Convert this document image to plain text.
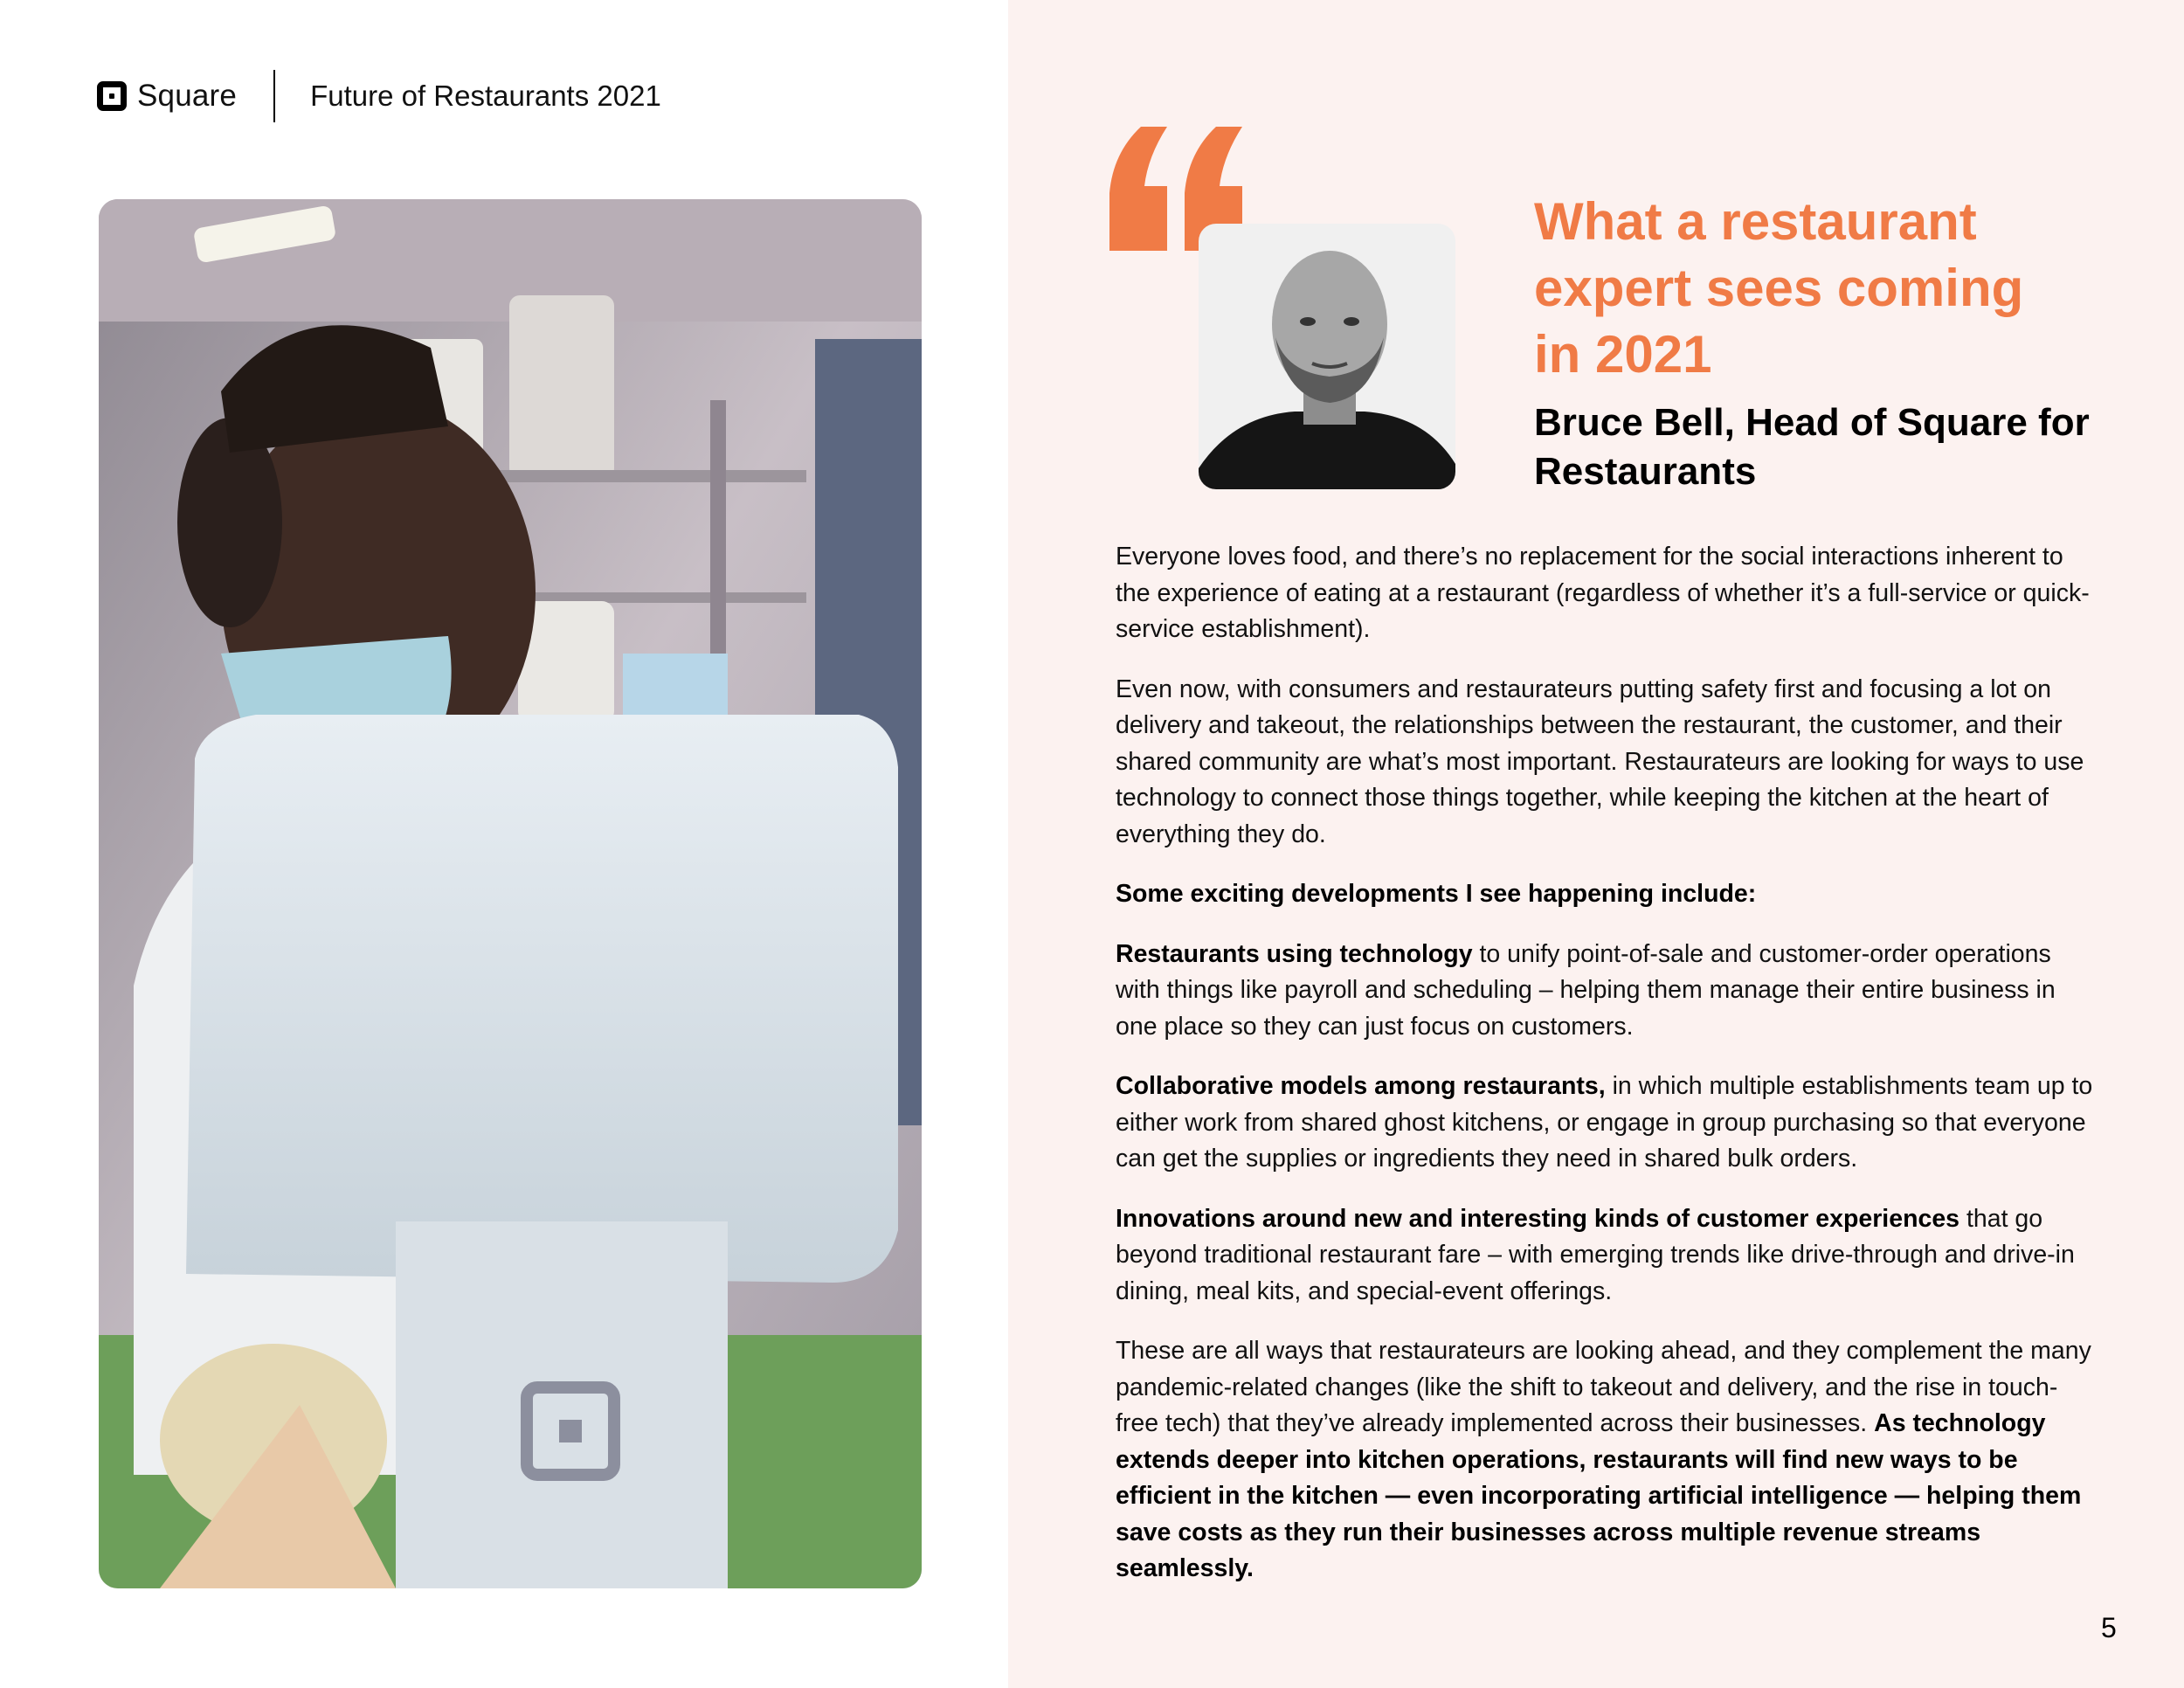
Square	Future of Restaurants 2021
What a restaurant expert sees coming in 2021
Bruce Bell, Head of Square for Restaurants

Everyone loves food, and there’s no replacement for the social interactions inherent to the experience of eating at a restaurant (regardless of whether it’s a full-service or quick-service establishment).

Even now, with consumers and restaurateurs putting safety first and focusing a lot on delivery and takeout, the relationships between the restaurant, the customer, and their shared community are what’s most important. Restaurateurs are looking for ways to use technology to connect those things together, while keeping the kitchen at the heart of everything they do.

Some exciting developments I see happening include:

Restaurants using technology to unify point-of-sale and customer-order operations with things like payroll and scheduling – helping them manage their entire business in one place so they can just focus on customers.

Collaborative models among restaurants, in which multiple establishments team up to either work from shared ghost kitchens, or engage in group purchasing so that everyone can get the supplies or ingredients they need in shared bulk orders.

Innovations around new and interesting kinds of customer experiences that go beyond traditional restaurant fare – with emerging trends like drive-through and drive-in dining, meal kits, and special-event offerings.

These are all ways that restaurateurs are looking ahead, and they complement the many pandemic-related changes (like the shift to takeout and delivery, and the rise in touch-free tech) that they’ve already implemented across their businesses. As technology extends deeper into kitchen operations, restaurants will find new ways to be efficient in the kitchen — even incorporating artificial intelligence — helping them save costs as they run their businesses across multiple revenue streams seamlessly.

5
